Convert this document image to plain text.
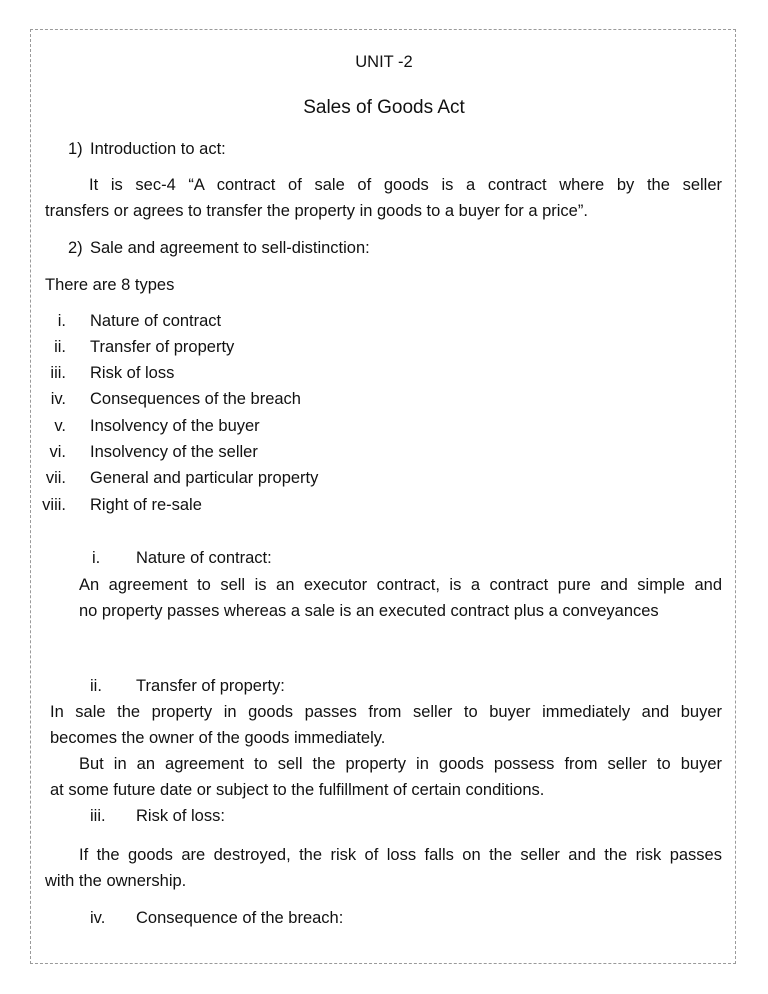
UNIT -2
Sales of Goods Act
1) Introduction to act:
It is sec-4 “A contract of sale of goods is a contract where by the seller
transfers or agrees to transfer the property in goods to a buyer for a price”.
2) Sale and agreement to sell-distinction:
There are 8 types
i. Nature of contract
ii. Transfer of property
iii. Risk of loss
iv. Consequences of the breach
v. Insolvency of the buyer
vi. Insolvency of the seller
vii. General and particular property
viii. Right of re-sale
i. Nature of contract:
An agreement to sell is an executor contract, is a contract pure and simple and
no property passes whereas a sale is an executed contract plus a conveyances
ii. Transfer of property:
In sale the property in goods passes from seller to buyer immediately and buyer
becomes the owner of the goods immediately.
But in an agreement to sell the property in goods possess from seller to buyer
at some future date or subject to the fulfillment of certain conditions.
iii. Risk of loss:
If the goods are destroyed, the risk of loss falls on the seller and the risk passes
with the ownership.
iv. Consequence of the breach:
